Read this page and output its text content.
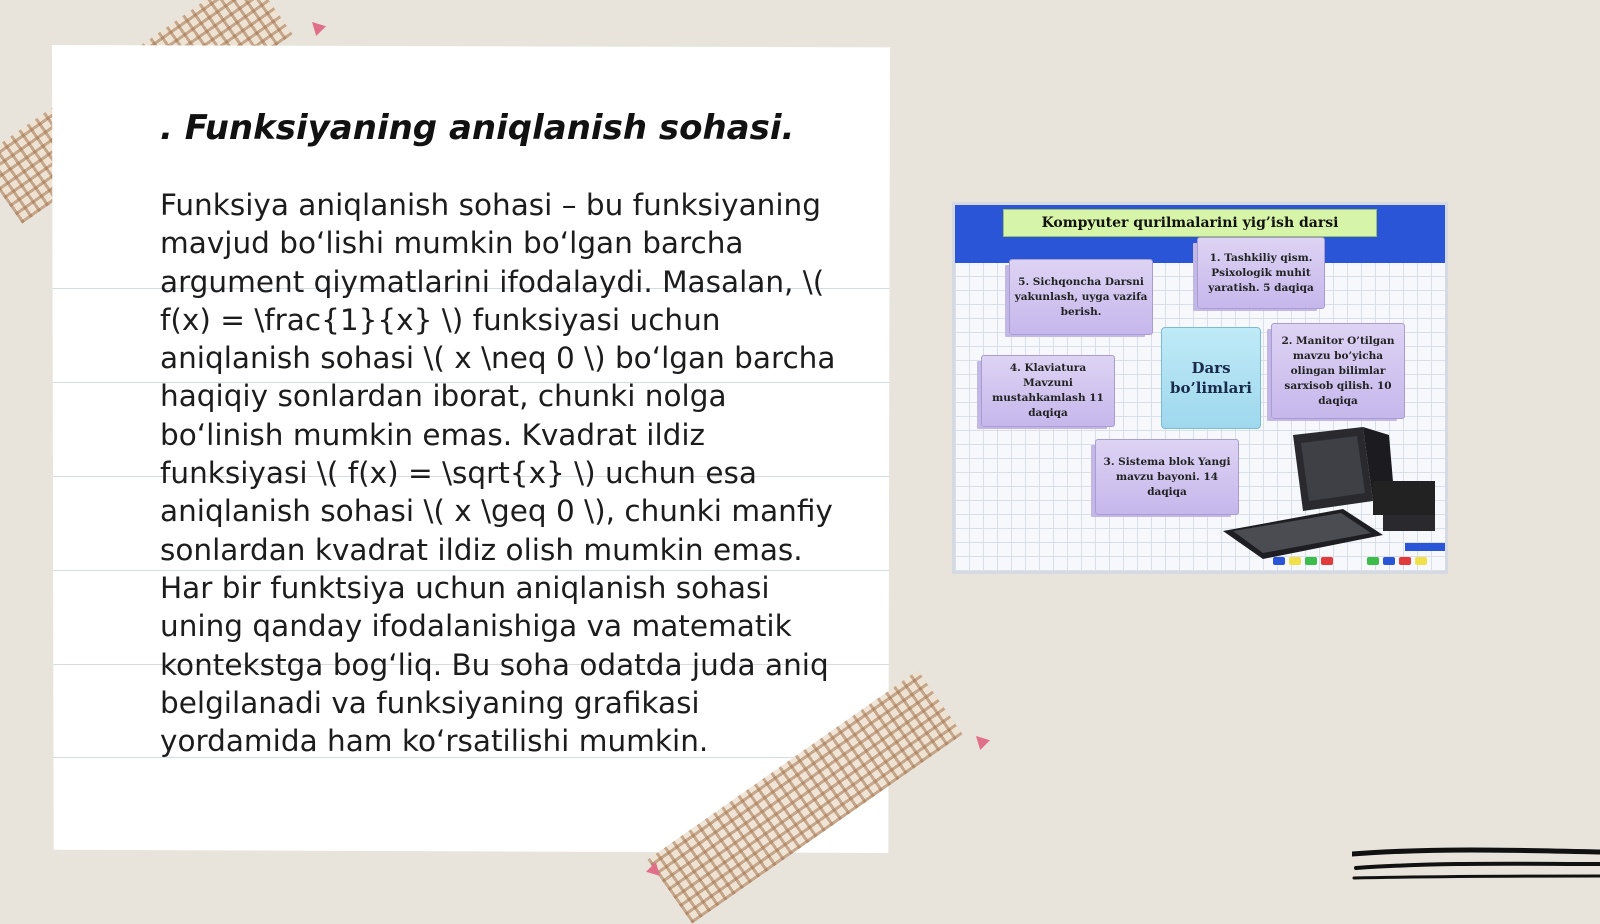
. Funksiyaning aniqlanish sohasi.

Funksiya aniqlanish sohasi – bu funksiyaning mavjud bo‘lishi mumkin bo‘lgan barcha argument qiymatlarini ifodalaydi. Masalan, \( f(x) = \frac{1}{x} \) funksiyasi uchun aniqlanish sohasi \( x \neq 0 \) bo‘lgan barcha haqiqiy sonlardan iborat, chunki nolga bo‘linish mumkin emas. Kvadrat ildiz funksiyasi \( f(x) = \sqrt{x} \) uchun esa aniqlanish sohasi \( x \geq 0 \), chunki manfiy sonlardan kvadrat ildiz olish mumkin emas. Har bir funktsiya uchun aniqlanish sohasi uning qanday ifodalanishiga va matematik kontekstga bog‘liq. Bu soha odatda juda aniq belgilanadi va funksiyaning grafikasi yordamida ham ko‘rsatilishi mumkin.

Kompyuter qurilmalarini yig’ish darsi
1. Tashkiliy qism. Psixologik muhit yaratish. 5 daqiqa
2. Manitor O’tilgan mavzu bo’yicha olingan bilimlar sarxisob qilish. 10 daqiqa
3. Sistema blok Yangi mavzu bayoni. 14 daqiqa
4. Klaviatura Mavzuni mustahkamlash 11 daqiqa
5. Sichqoncha Darsni yakunlash, uyga vazifa berish.
Dars bo’limlari
